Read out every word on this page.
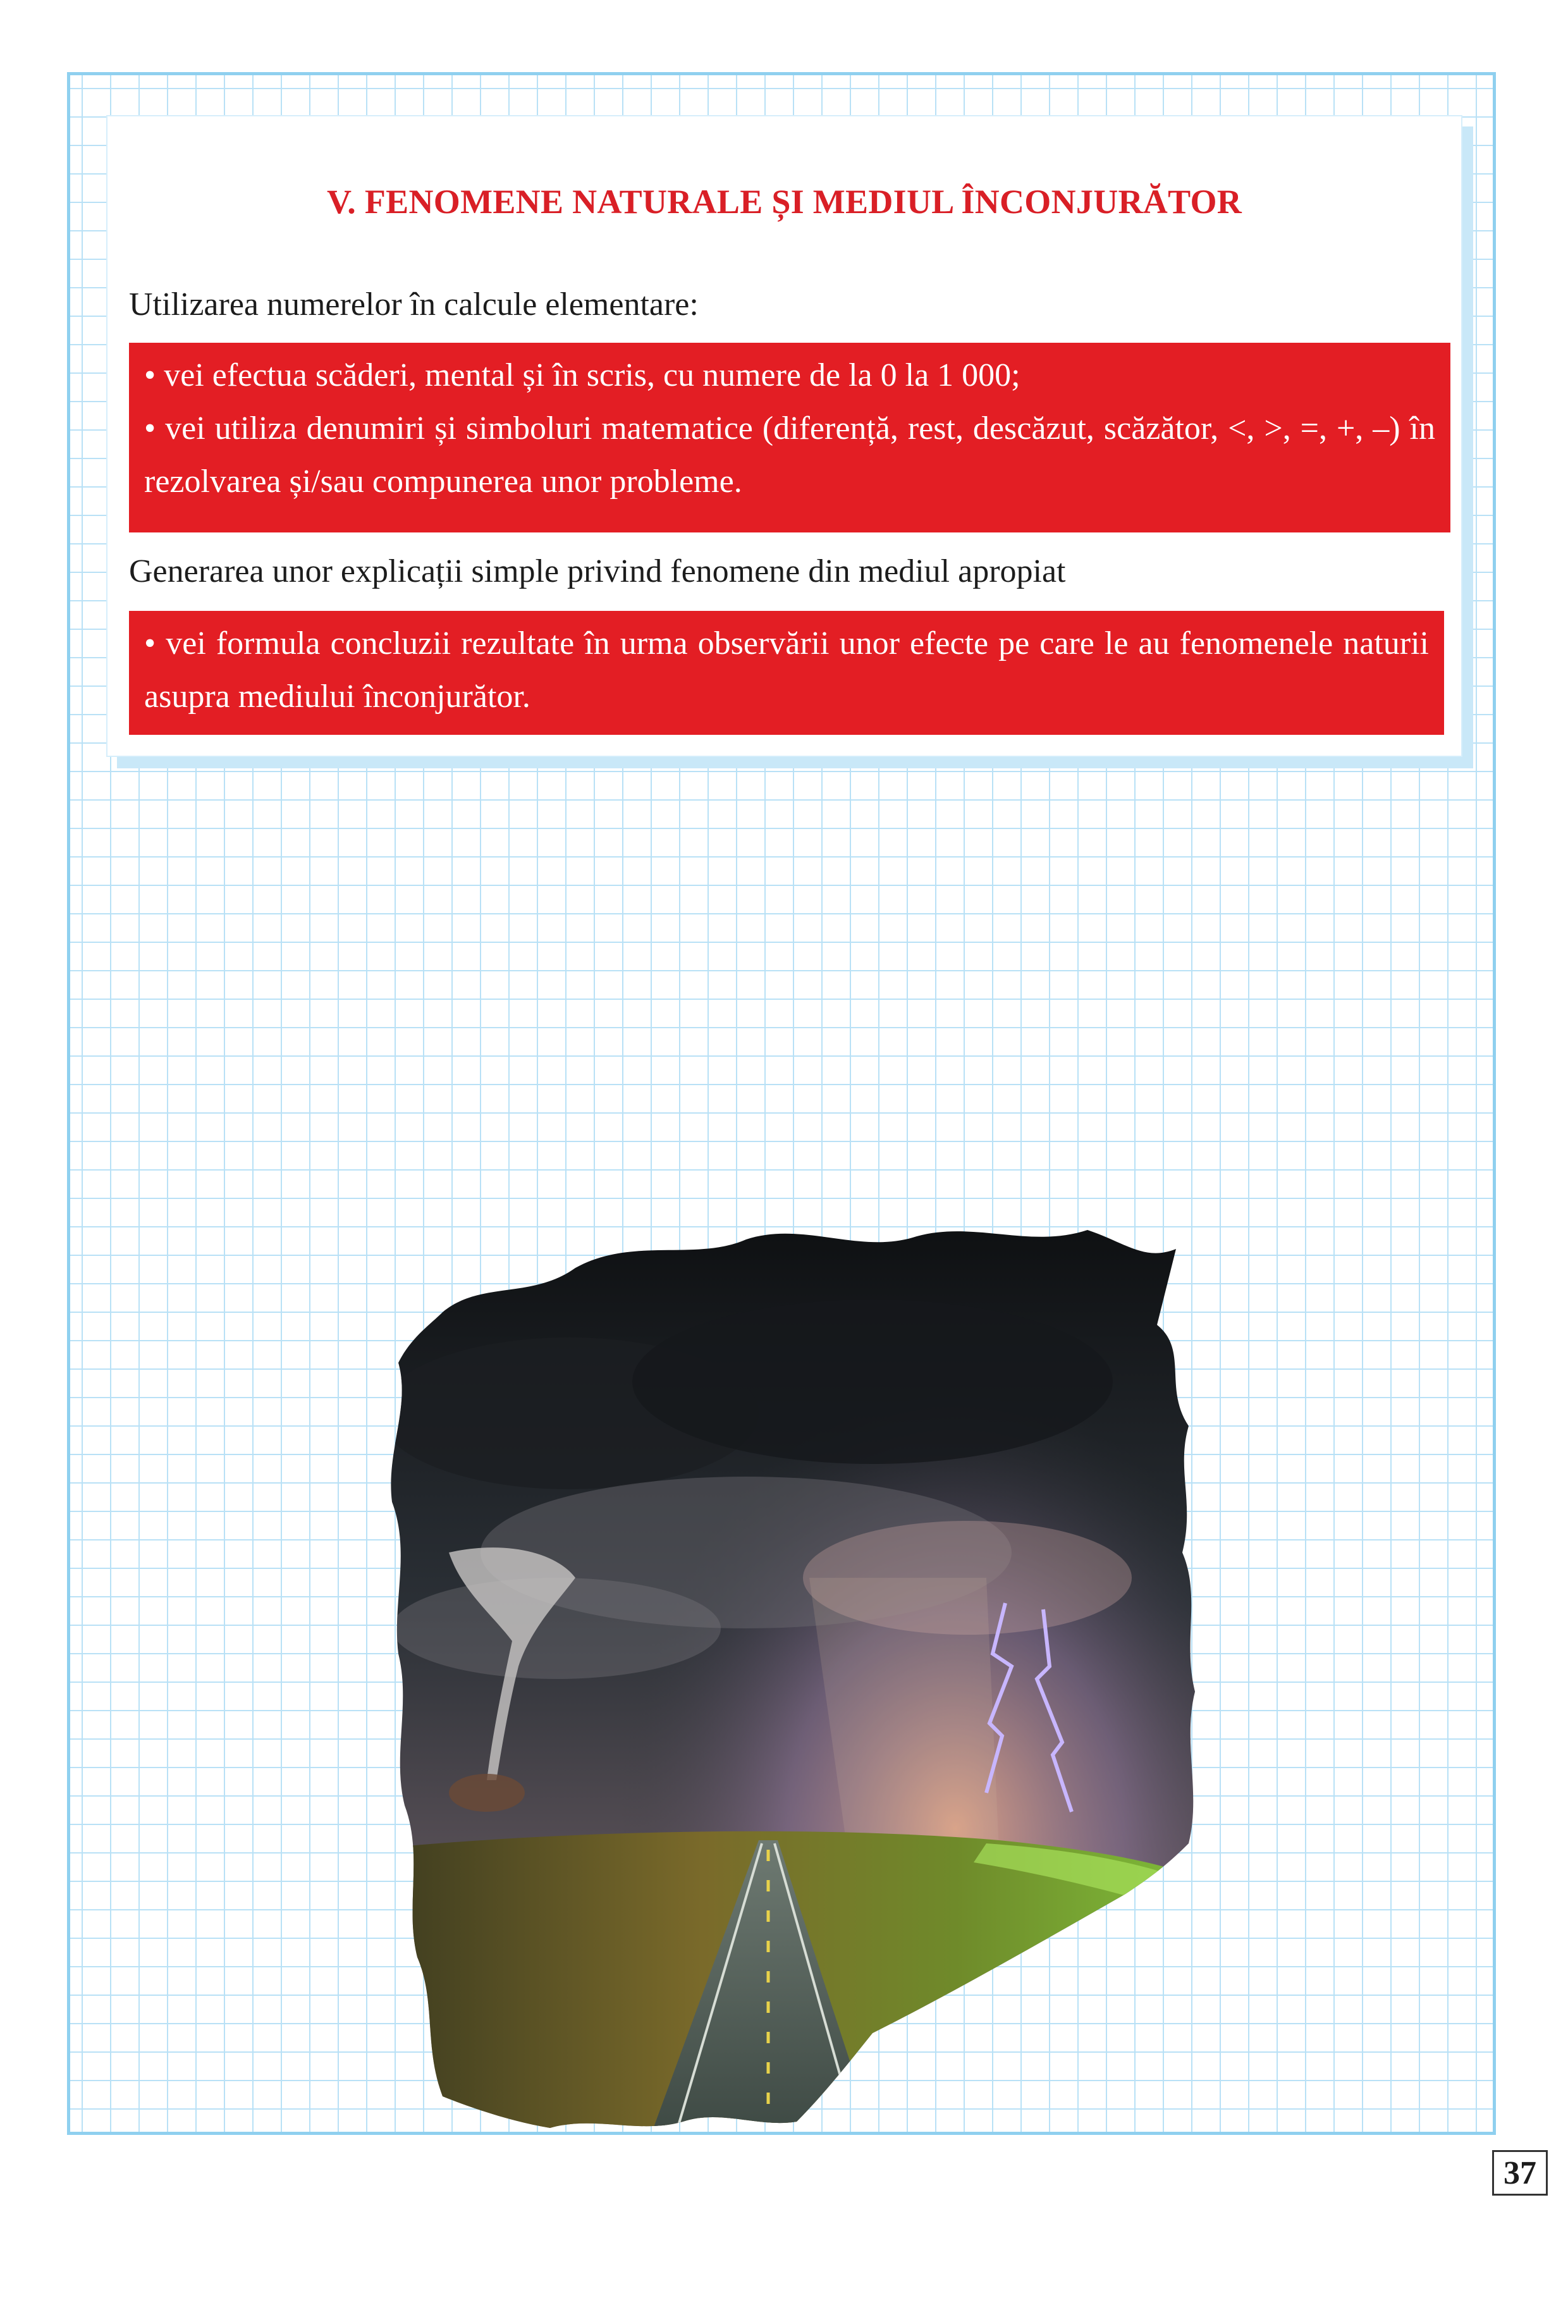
V. FENOMENE NATURALE ȘI MEDIUL ÎNCONJURĂTOR
Utilizarea numerelor în calcule elementare:
• vei efectua scăderi, mental și în scris, cu numere de la 0 la 1 000;
• vei utiliza denumiri și simboluri matematice (diferență, rest, descăzut, scăzător, <, >, =, +, –) în rezolvarea și/sau compunerea unor probleme.
Generarea unor explicații simple privind fenomene din mediul apropiat
• vei formula concluzii rezultate în urma observării unor efecte pe care le au fenomenele naturii asupra mediului înconjurător.
37
